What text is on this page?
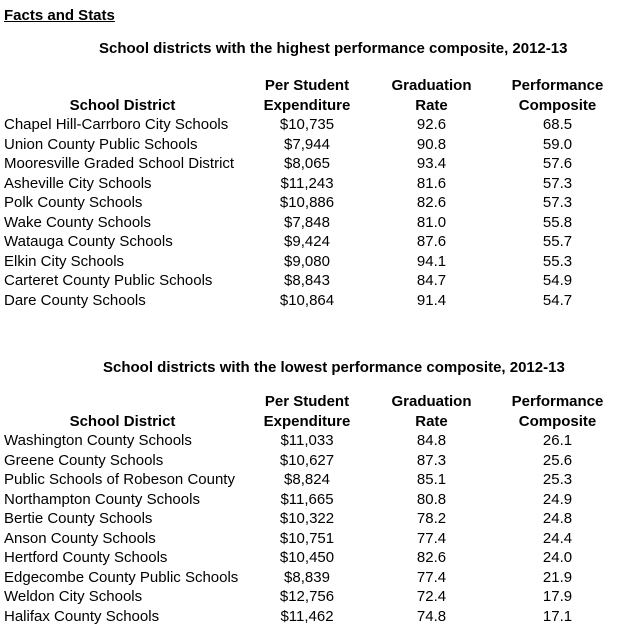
Facts and Stats
School districts with the highest performance composite, 2012-13
	Per Student	Graduation	Performance
School District	Expenditure	Rate	Composite
Chapel Hill-Carrboro City Schools	$10,735	92.6	68.5
Union County Public Schools	$7,944	90.8	59.0
Mooresville Graded School District	$8,065	93.4	57.6
Asheville City Schools	$11,243	81.6	57.3
Polk County Schools	$10,886	82.6	57.3
Wake County Schools	$7,848	81.0	55.8
Watauga County Schools	$9,424	87.6	55.7
Elkin City Schools	$9,080	94.1	55.3
Carteret County Public Schools	$8,843	84.7	54.9
Dare County Schools	$10,864	91.4	54.7
School districts with the lowest performance composite, 2012-13
	Per Student	Graduation	Performance
School District	Expenditure	Rate	Composite
Washington County Schools	$11,033	84.8	26.1
Greene County Schools	$10,627	87.3	25.6
Public Schools of Robeson County	$8,824	85.1	25.3
Northampton County Schools	$11,665	80.8	24.9
Bertie County Schools	$10,322	78.2	24.8
Anson County Schools	$10,751	77.4	24.4
Hertford County Schools	$10,450	82.6	24.0
Edgecombe County Public Schools	$8,839	77.4	21.9
Weldon City Schools	$12,756	72.4	17.9
Halifax County Schools	$11,462	74.8	17.1
